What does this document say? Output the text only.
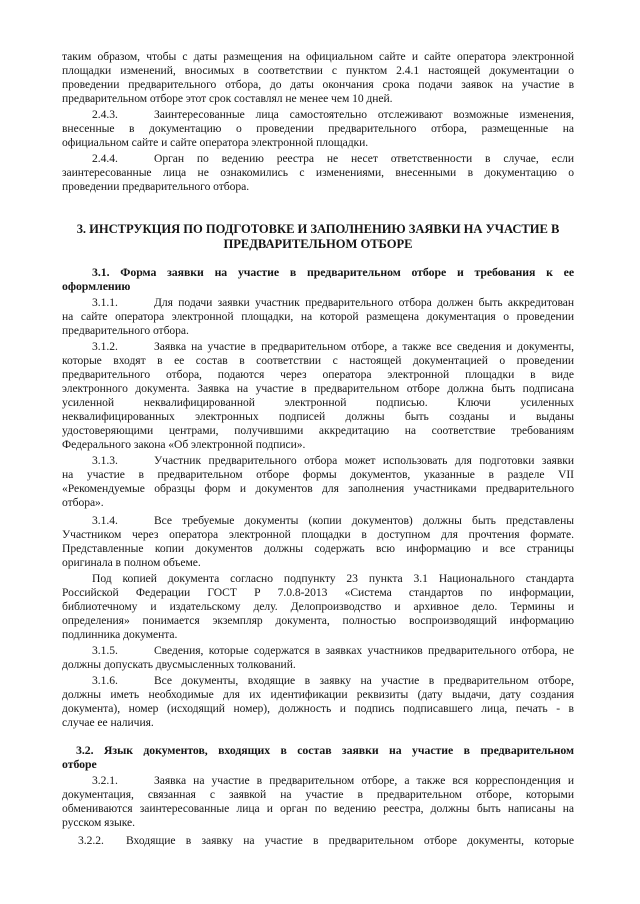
таким образом, чтобы с даты размещения на официальном сайте и сайте оператора электронной
площадки изменений, вносимых в соответствии с пунктом 2.4.1 настоящей документации о
проведении предварительного отбора, до даты окончания срока подачи заявок на участие в
предварительном отборе этот срок составлял не менее чем 10 дней.
2.4.3.	Заинтересованные лица самостоятельно отслеживают возможные изменения,
внесенные в документацию о проведении предварительного отбора, размещенные на
официальном сайте и сайте оператора электронной площадки.
2.4.4.	Орган по ведению реестра не несет ответственности в случае, если
заинтересованные лица не ознакомились с изменениями, внесенными в документацию о
проведении предварительного отбора.
3. ИНСТРУКЦИЯ ПО ПОДГОТОВКЕ И ЗАПОЛНЕНИЮ ЗАЯВКИ НА УЧАСТИЕ В
ПРЕДВАРИТЕЛЬНОМ ОТБОРЕ
3.1. Форма заявки на участие в предварительном отборе и требования к ее
оформлению
3.1.1.	Для подачи заявки участник предварительного отбора должен быть аккредитован
на сайте оператора электронной площадки, на которой размещена документация о проведении
предварительного отбора.
3.1.2.	Заявка на участие в предварительном отборе, а также все сведения и документы,
которые входят в ее состав в соответствии с настоящей документацией о проведении
предварительного отбора, подаются через оператора электронной площадки в виде
электронного документа. Заявка на участие в предварительном отборе должна быть подписана
усиленной неквалифицированной электронной подписью. Ключи усиленных
неквалифицированных электронных подписей должны быть созданы и выданы
удостоверяющими центрами, получившими аккредитацию на соответствие требованиям
Федерального закона «Об электронной подписи».
3.1.3.	Участник предварительного отбора может использовать для подготовки заявки
на участие в предварительном отборе формы документов, указанные в разделе VII
«Рекомендуемые образцы форм и документов для заполнения участниками предварительного
отбора».
3.1.4.	Все требуемые документы (копии документов) должны быть представлены
Участником через оператора электронной площадки в доступном для прочтения формате.
Представленные копии документов должны содержать всю информацию и все страницы
оригинала в полном объеме.
Под копией документа согласно подпункту 23 пункта 3.1 Национального стандарта
Российской Федерации ГОСТ Р 7.0.8-2013 «Система стандартов по информации,
библиотечному и издательскому делу. Делопроизводство и архивное дело. Термины и
определения» понимается экземпляр документа, полностью воспроизводящий информацию
подлинника документа.
3.1.5.	Сведения, которые содержатся в заявках участников предварительного отбора, не
должны допускать двусмысленных толкований.
3.1.6.	Все документы, входящие в заявку на участие в предварительном отборе,
должны иметь необходимые для их идентификации реквизиты (дату выдачи, дату создания
документа), номер (исходящий номер), должность и подпись подписавшего лица, печать - в
случае ее наличия.
3.2. Язык документов, входящих в состав заявки на участие в предварительном
отборе
3.2.1.	Заявка на участие в предварительном отборе, а также вся корреспонденция и
документация, связанная с заявкой на участие в предварительном отборе, которыми
обмениваются заинтересованные лица и орган по ведению реестра, должны быть написаны на
русском языке.
3.2.2. Входящие в заявку на участие в предварительном отборе документы, которые
